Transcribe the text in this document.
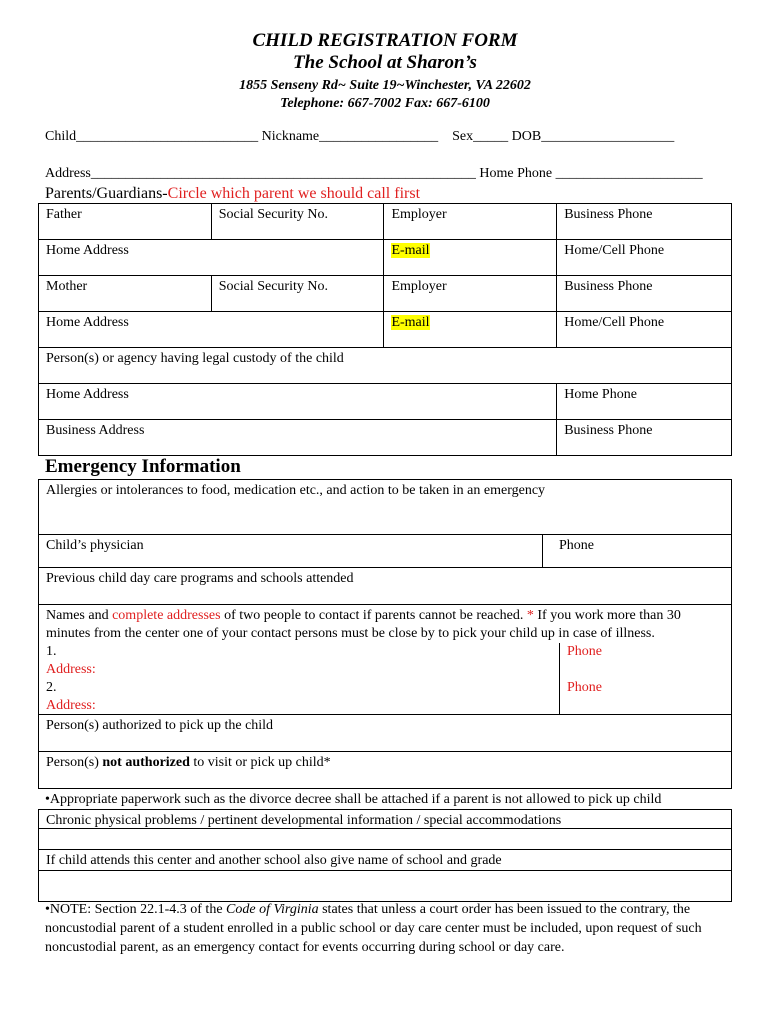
CHILD REGISTRATION FORM
The School at Sharon’s
1855 Senseny Rd~ Suite 19~Winchester, VA 22602
Telephone: 667-7002 Fax: 667-6100
Child__________________________ Nickname_________________    Sex_____ DOB___________________
Address_______________________________________________________ Home Phone _____________________
Parents/Guardians-Circle which parent we should call first
Father	Social Security No.	Employer	Business Phone
Home Address		E-mail	Home/Cell Phone
Mother	Social Security No.	Employer	Business Phone
Home Address		E-mail	Home/Cell Phone
Person(s) or agency having legal custody of the child			
Home Address			Home Phone
Business Address			Business Phone
Emergency Information
Allergies or intolerances to food, medication etc., and action to be taken in an emergency
Child’s physician	Phone
Previous child day care programs and schools attended
Names and complete addresses of two people to contact if parents cannot be reached. * If you work more than 30 minutes from the center one of your contact persons must be close by to pick your child up in case of illness.
1.	Phone
Address:
2.	Phone
Address:
Person(s) authorized to pick up the child
Person(s) not authorized to visit or pick up child*
•Appropriate paperwork such as the divorce decree shall be attached if a parent is not allowed to pick up child
Chronic physical problems / pertinent developmental information / special accommodations
If child attends this center and another school also give name of school and grade
•NOTE: Section 22.1-4.3 of the Code of Virginia states that unless a court order has been issued to the contrary, the noncustodial parent of a student enrolled in a public school or day care center must be included, upon request of such noncustodial parent, as an emergency contact for events occurring during school or day care.
